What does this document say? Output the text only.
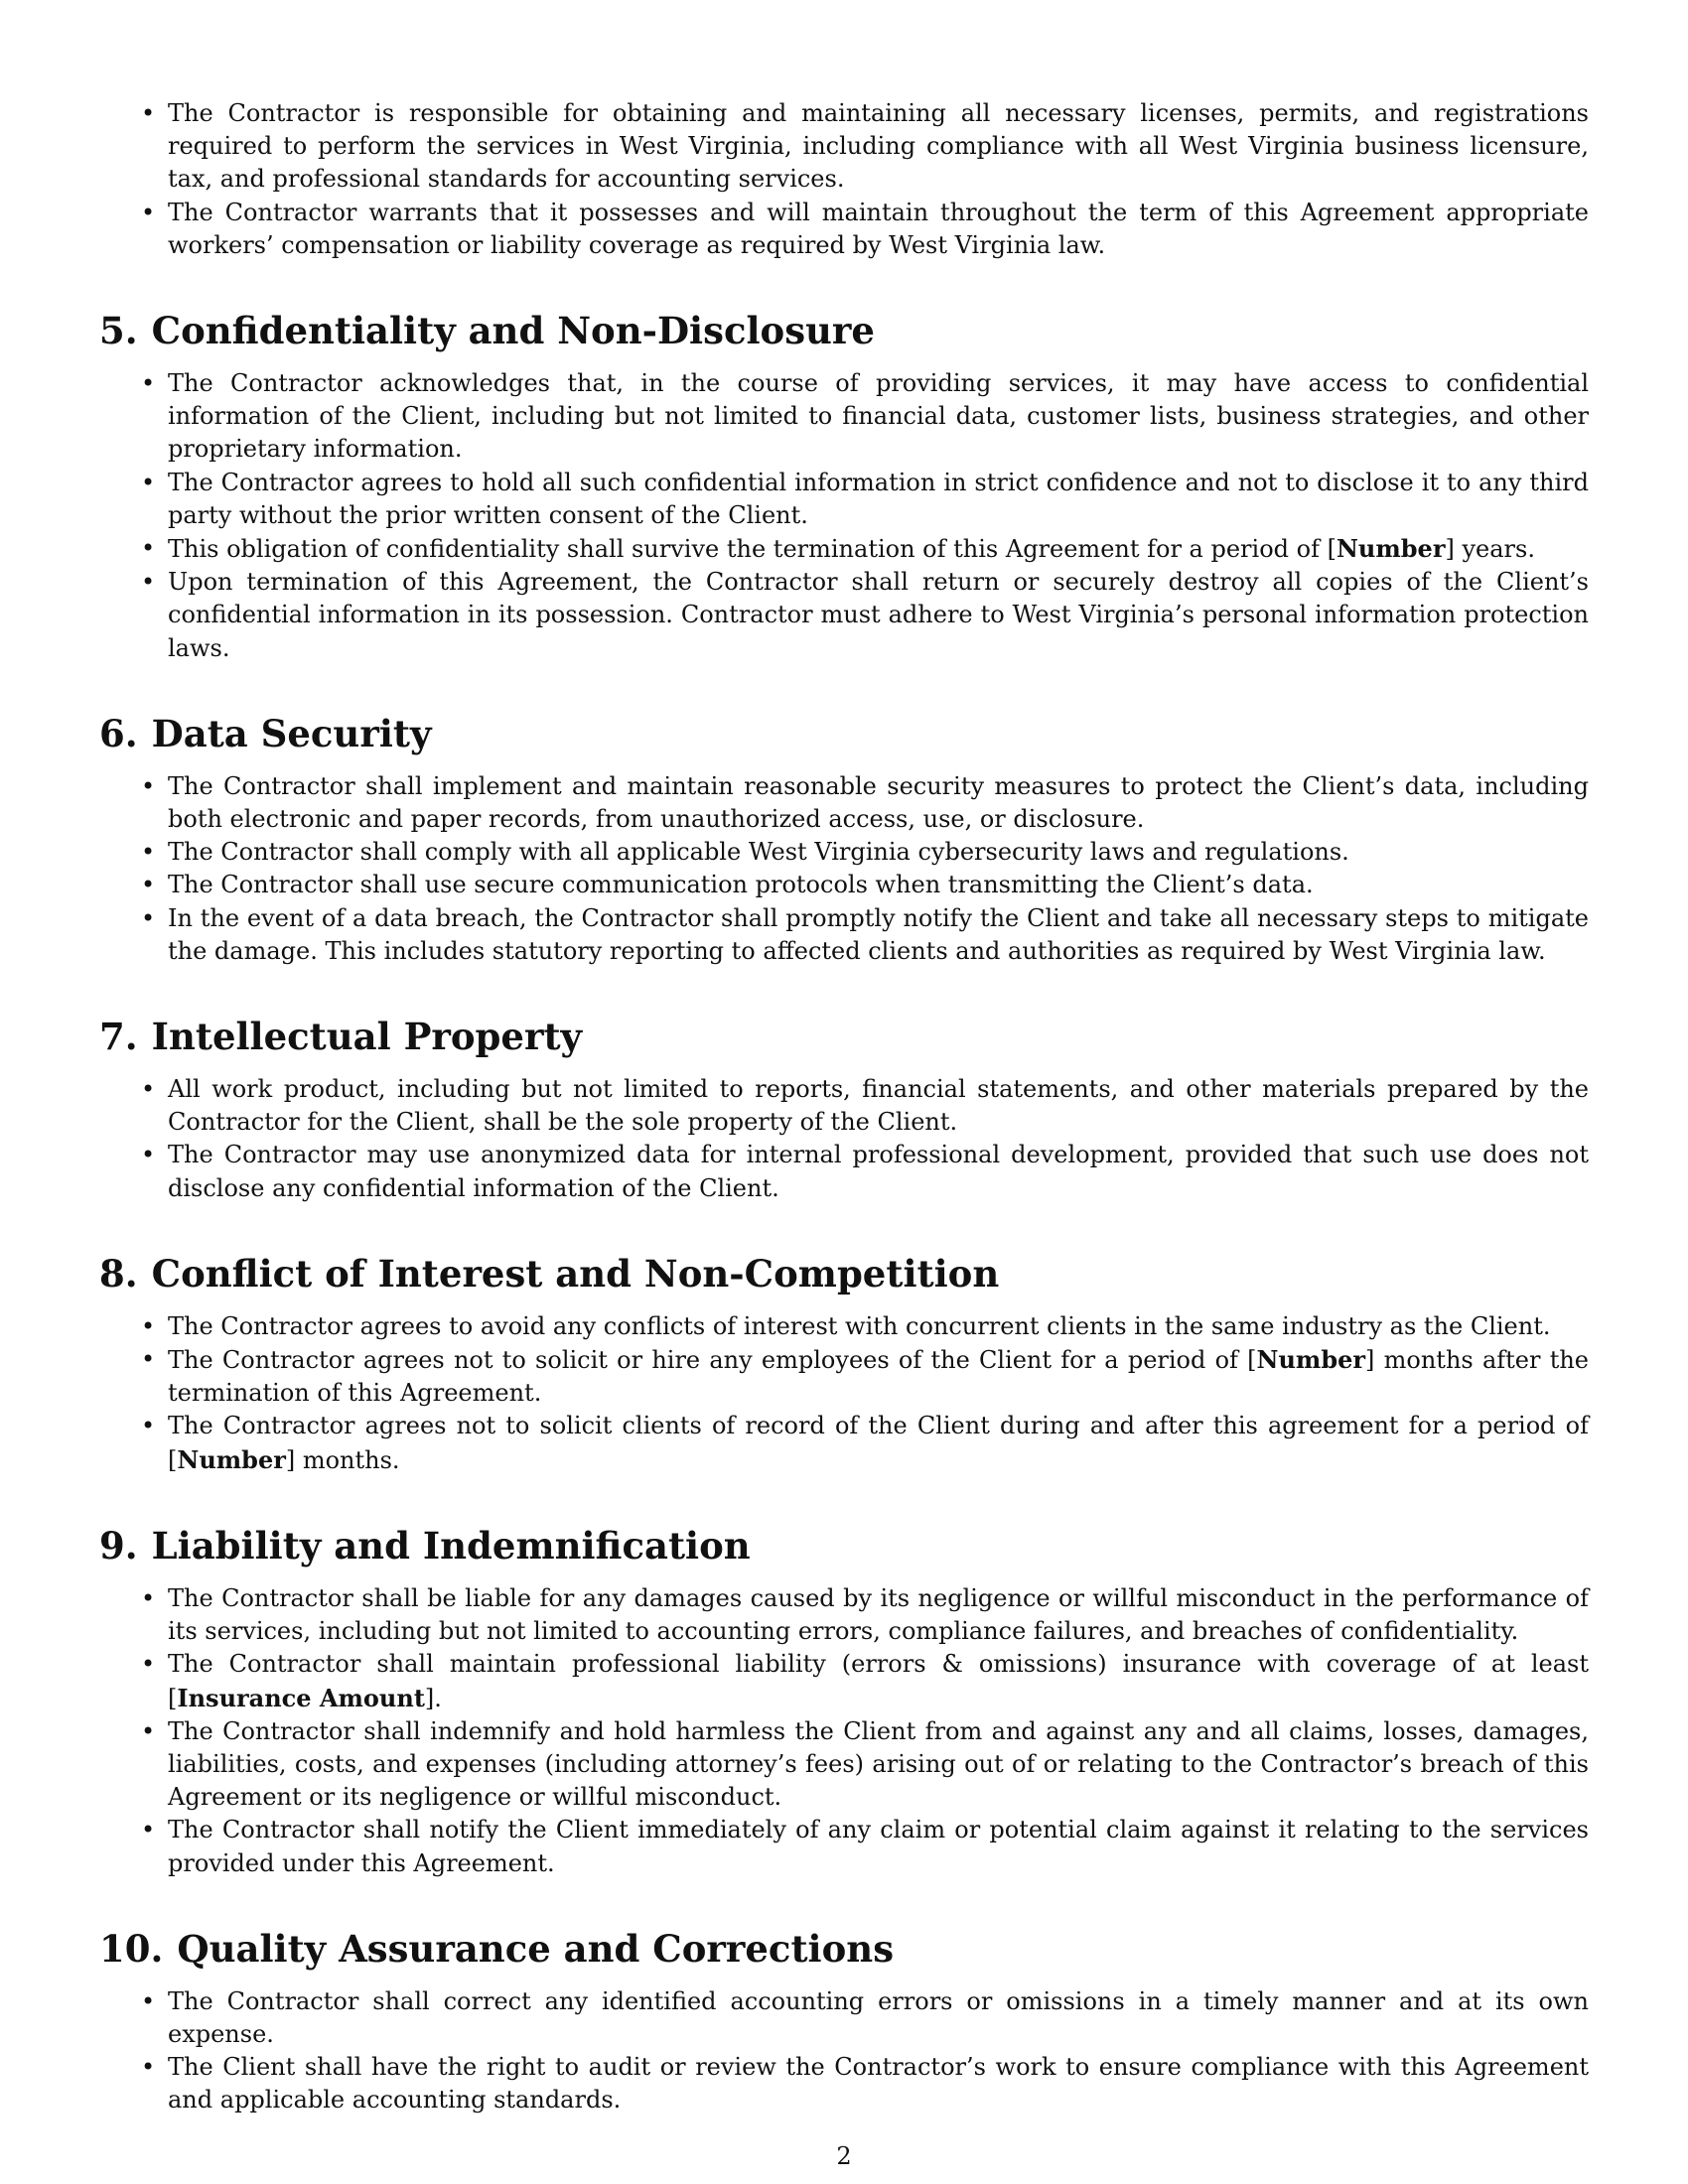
• The Contractor is responsible for obtaining and maintaining all necessary licenses, permits, and registrations required to perform the services in West Virginia, including compliance with all West Virginia business licensure, tax, and professional standards for accounting services.
• The Contractor warrants that it possesses and will maintain throughout the term of this Agreement appropriate workers’ compensation or liability coverage as required by West Virginia law.
5. Confidentiality and Non-Disclosure
• The Contractor acknowledges that, in the course of providing services, it may have access to confidential information of the Client, including but not limited to financial data, customer lists, business strategies, and other proprietary information.
• The Contractor agrees to hold all such confidential information in strict confidence and not to disclose it to any third party without the prior written consent of the Client.
• This obligation of confidentiality shall survive the termination of this Agreement for a period of [Number] years.
• Upon termination of this Agreement, the Contractor shall return or securely destroy all copies of the Client’s confidential information in its possession. Contractor must adhere to West Virginia’s personal information protection laws.
6. Data Security
• The Contractor shall implement and maintain reasonable security measures to protect the Client’s data, including both electronic and paper records, from unauthorized access, use, or disclosure.
• The Contractor shall comply with all applicable West Virginia cybersecurity laws and regulations.
• The Contractor shall use secure communication protocols when transmitting the Client’s data.
• In the event of a data breach, the Contractor shall promptly notify the Client and take all necessary steps to mitigate the damage. This includes statutory reporting to affected clients and authorities as required by West Virginia law.
7. Intellectual Property
• All work product, including but not limited to reports, financial statements, and other materials prepared by the Contractor for the Client, shall be the sole property of the Client.
• The Contractor may use anonymized data for internal professional development, provided that such use does not disclose any confidential information of the Client.
8. Conflict of Interest and Non-Competition
• The Contractor agrees to avoid any conflicts of interest with concurrent clients in the same industry as the Client.
• The Contractor agrees not to solicit or hire any employees of the Client for a period of [Number] months after the termination of this Agreement.
• The Contractor agrees not to solicit clients of record of the Client during and after this agreement for a period of [Number] months.
9. Liability and Indemnification
• The Contractor shall be liable for any damages caused by its negligence or willful misconduct in the performance of its services, including but not limited to accounting errors, compliance failures, and breaches of confidentiality.
• The Contractor shall maintain professional liability (errors & omissions) insurance with coverage of at least [Insurance Amount].
• The Contractor shall indemnify and hold harmless the Client from and against any and all claims, losses, damages, liabilities, costs, and expenses (including attorney’s fees) arising out of or relating to the Contractor’s breach of this Agreement or its negligence or willful misconduct.
• The Contractor shall notify the Client immediately of any claim or potential claim against it relating to the services provided under this Agreement.
10. Quality Assurance and Corrections
• The Contractor shall correct any identified accounting errors or omissions in a timely manner and at its own expense.
• The Client shall have the right to audit or review the Contractor’s work to ensure compliance with this Agreement and applicable accounting standards.
2
